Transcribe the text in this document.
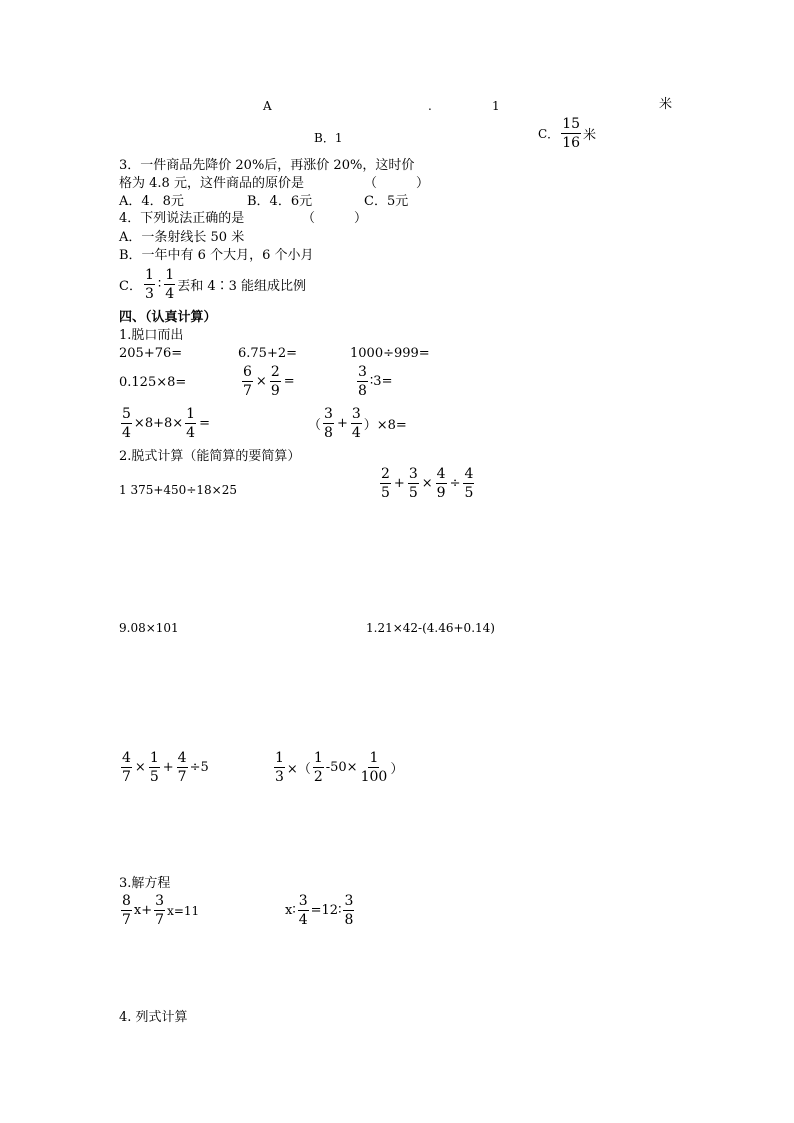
A	.	1	米
B．1	C． $\frac{15}{16}$ 米
3．一件商品先降价 20%后，再涨价 20%，这时价
格为 4.8 元，这件商品的原价是	（　　　）
A．4．8元	B．4．6元	C．5元
4．下列说法正确的是	（　　　）
A．一条射线长 50 米
B．一年中有 6 个大月，6 个小月
C． $\frac{1}{3}$ ∶ $\frac{1}{4}$ 丟和 4∶3 能组成比例
四、（认真计算）
1.脱口而出
205+76=	6.75+2=	1000÷999=
0.125×8=	$\frac{6}{7} \times \frac{2}{9}$ =	$\frac{3}{8}$ ∶3=
$\frac{5}{4} \times 8+8\times \frac{1}{4}$ =	（ $\frac{3}{8} + \frac{3}{4} )\times 8=$
2.脱式计算（能简算的要简算）
1 375+450÷18×25	$\frac{2}{5} + \frac{3}{5} \times \frac{4}{9} \div \frac{4}{5}$
9.08×101	1.21×42-(4.46+0.14)
$\frac{4}{7} \times \frac{1}{5} + \frac{4}{7} \div 5$	$\frac{1}{3}$ ×（ $\frac{1}{2} -50\times \frac{1}{100}$ ）
3.解方程
$\frac{8}{7} x+ \frac{3}{7} x=11$	x∶ $\frac{3}{4}$ =12∶ $\frac{3}{8}$
4. 列式计算
